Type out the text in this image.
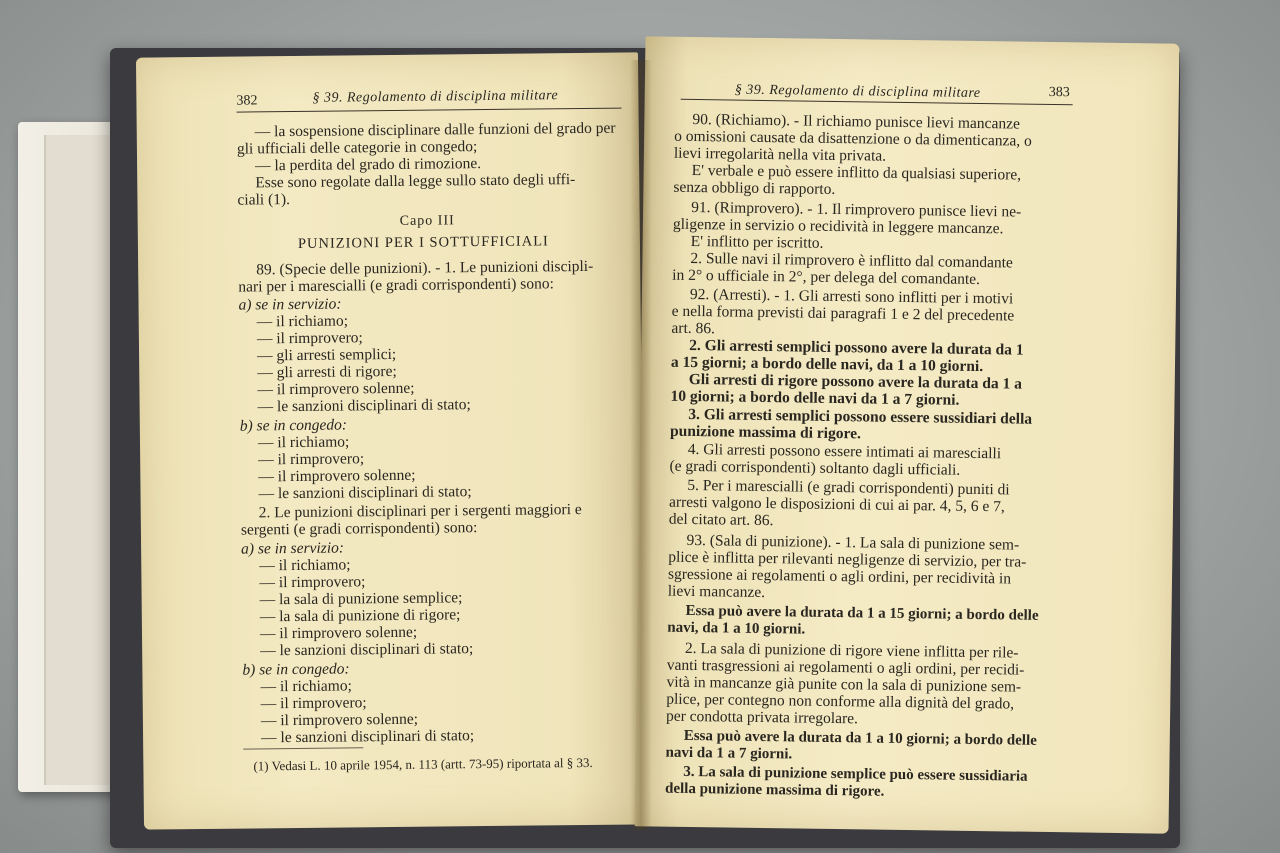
382	§ 39. Regolamento di disciplina militare
— la sospensione disciplinare dalle funzioni del grado per
gli ufficiali delle categorie in congedo;
— la perdita del grado di rimozione.
Esse sono regolate dalla legge sullo stato degli uffi-
ciali (1).
Capo III
PUNIZIONI PER I SOTTUFFICIALI
89. (Specie delle punizioni). - 1. Le punizioni discipli-
nari per i marescialli (e gradi corrispondenti) sono:
a) se in servizio:
— il richiamo;
— il rimprovero;
— gli arresti semplici;
— gli arresti di rigore;
— il rimprovero solenne;
— le sanzioni disciplinari di stato;
b) se in congedo:
— il richiamo;
— il rimprovero;
— il rimprovero solenne;
— le sanzioni disciplinari di stato;
2. Le punizioni disciplinari per i sergenti maggiori e
sergenti (e gradi corrispondenti) sono:
a) se in servizio:
— il richiamo;
— il rimprovero;
— la sala di punizione semplice;
— la sala di punizione di rigore;
— il rimprovero solenne;
— le sanzioni disciplinari di stato;
b) se in congedo:
— il richiamo;
— il rimprovero;
— il rimprovero solenne;
— le sanzioni disciplinari di stato;
(1) Vedasi L. 10 aprile 1954, n. 113 (artt. 73-95) riportata al § 33.
§ 39. Regolamento di disciplina militare	383
90. (Richiamo). - Il richiamo punisce lievi mancanze
o omissioni causate da disattenzione o da dimenticanza, o
lievi irregolarità nella vita privata.
E' verbale e può essere inflitto da qualsiasi superiore,
senza obbligo di rapporto.
91. (Rimprovero). - 1. Il rimprovero punisce lievi ne-
gligenze in servizio o recidività in leggere mancanze.
E' inflitto per iscritto.
2. Sulle navi il rimprovero è inflitto dal comandante
in 2° o ufficiale in 2°, per delega del comandante.
92. (Arresti). - 1. Gli arresti sono inflitti per i motivi
e nella forma previsti dai paragrafi 1 e 2 del precedente
art. 86.
2. Gli arresti semplici possono avere la durata da 1
a 15 giorni; a bordo delle navi, da 1 a 10 giorni.
Gli arresti di rigore possono avere la durata da 1 a
10 giorni; a bordo delle navi da 1 a 7 giorni.
3. Gli arresti semplici possono essere sussidiari della
punizione massima di rigore.
4. Gli arresti possono essere intimati ai marescialli
(e gradi corrispondenti) soltanto dagli ufficiali.
5. Per i marescialli (e gradi corrispondenti) puniti di
arresti valgono le disposizioni di cui ai par. 4, 5, 6 e 7,
del citato art. 86.
93. (Sala di punizione). - 1. La sala di punizione sem-
plice è inflitta per rilevanti negligenze di servizio, per tra-
sgressione ai regolamenti o agli ordini, per recidività in
lievi mancanze.
Essa può avere la durata da 1 a 15 giorni; a bordo delle
navi, da 1 a 10 giorni.
2. La sala di punizione di rigore viene inflitta per rile-
vanti trasgressioni ai regolamenti o agli ordini, per recidi-
vità in mancanze già punite con la sala di punizione sem-
plice, per contegno non conforme alla dignità del grado,
per condotta privata irregolare.
Essa può avere la durata da 1 a 10 giorni; a bordo delle
navi da 1 a 7 giorni.
3. La sala di punizione semplice può essere sussidiaria
della punizione massima di rigore.
